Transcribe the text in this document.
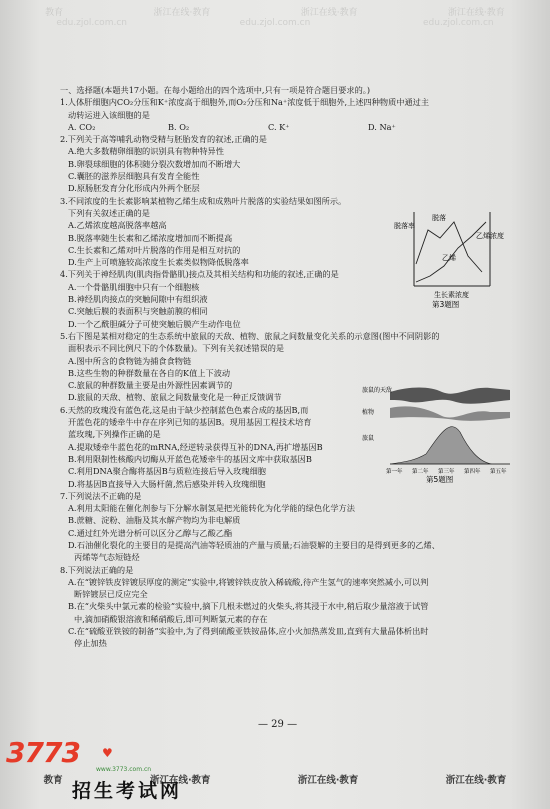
教育	浙江在线·教育	浙江在线·教育	浙江在线·教育
edu.zjol.com.cn	edu.zjol.com.cn	edu.zjol.com.cn
一、选择题(本题共17小题。在每小题给出的四个选项中,只有一项是符合题目要求的。)
1.人体肝细胞内CO₂分压和K⁺浓度高于细胞外,而O₂分压和Na⁺浓度低于细胞外,上述四种物质中通过主
动转运进入该细胞的是
A. CO₂	B. O₂	C. K⁺	D. Na⁺
2.下列关于高等哺乳动物受精与胚胎发育的叙述,正确的是
A.绝大多数精卵细胞的识别具有物种特异性
B.卵裂球细胞的体积随分裂次数增加而不断增大
C.囊胚的滋养层细胞具有发育全能性
D.原肠胚发育分化形成内外两个胚层
3.不同浓度的生长素影响某植物乙烯生成和成熟叶片脱落的实验结果如图所示。
下列有关叙述正确的是
A.乙烯浓度越高脱落率越高
B.脱落率随生长素和乙烯浓度增加而不断提高
C.生长素和乙烯对叶片脱落的作用是相互对抗的
D.生产上可喷施较高浓度生长素类似物降低脱落率
4.下列关于神经肌肉(肌肉指骨骼肌)接点及其相关结构和功能的叙述,正确的是
A.一个骨骼肌细胞中只有一个细胞核
B.神经肌肉接点的突触间隙中有组织液
C.突触后膜的表面积与突触前膜的相同
D.一个乙酰胆碱分子可使突触后膜产生动作电位
5.右下图是某相对稳定的生态系统中旅鼠的天敌、植物、旅鼠之间数量变化关系的示意图(图中不同阴影的
面积表示不同比例尺下的个体数量)。下列有关叙述错误的是
A.图中所含的食物链为捕食食物链
B.这些生物的种群数量在各自的K值上下波动
C.旅鼠的种群数量主要是由外源性因素调节的
D.旅鼠的天敌、植物、旅鼠之间数量变化是一种正反馈调节
6.天然的玫瑰没有蓝色花,这是由于缺少控制蓝色色素合成的基因B,而
开蓝色花的矮牵牛中存在序列已知的基因B。现用基因工程技术培育
蓝玫瑰,下列操作正确的是
A.提取矮牵牛蓝色花的mRNA,经逆转录获得互补的DNA,再扩增基因B
B.利用限制性核酸内切酶从开蓝色花矮牵牛的基因文库中获取基因B
C.利用DNA聚合酶将基因B与质粒连接后导入玫瑰细胞
D.将基因B直接导入大肠杆菌,然后感染并转入玫瑰细胞
7.下列说法不正确的是
A.利用太阳能在催化剂参与下分解水制氢是把光能转化为化学能的绿色化学方法
B.蔗糖、淀粉、油脂及其水解产物均为非电解质
C.通过红外光谱分析可以区分乙醇与乙酸乙酯
D.石油催化裂化的主要目的是提高汽油等轻质油的产量与质量;石油裂解的主要目的是得到更多的乙烯、
丙烯等气态短链烃
8.下列说法正确的是
A.在“镀锌铁皮锌镀层厚度的测定”实验中,将镀锌铁皮放入稀硫酸,待产生氢气的速率突然减小,可以判
断锌镀层已反应完全
B.在“火柴头中氯元素的检验”实验中,摘下几根未燃过的火柴头,将其浸于水中,稍后取少量溶液于试管
中,滴加硝酸银溶液和稀硝酸后,即可判断氯元素的存在
C.在“硫酸亚铁铵的制备”实验中,为了得到硫酸亚铁铵晶体,应小火加热蒸发皿,直到有大量晶体析出时
停止加热
脱落
乙烯
脱落率
乙烯浓度
生长素浓度
第3题图
旅鼠的天敌
植物
旅鼠
第一年 第二年 第三年 第四年 第五年
第5题图
— 29 —
教育	浙江在线·教育	浙江在线·教育	浙江在线·教育
3773 ♥
www.3773.com.cn
招生考试网
